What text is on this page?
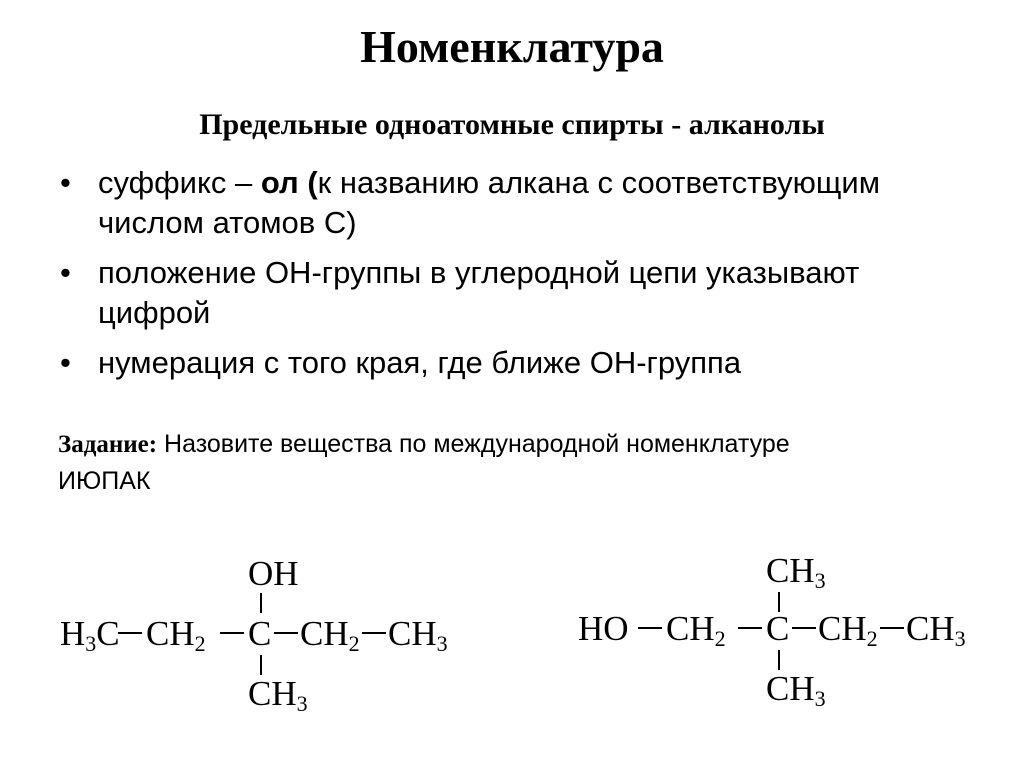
Номенклатура
Предельные одноатомные спирты - алканолы
• суффикс – ол (к названию алкана с соответствующим числом атомов С)
• положение ОН-группы в углеродной цепи указывают цифрой
• нумерация с того края, где ближе ОН-группа
Задание: Назовите вещества по международной номенклатуре ИЮПАК
OH
H3C CH2 C CH2 CH3
CH3
CH3
HO CH2 C CH2 CH3
CH3
